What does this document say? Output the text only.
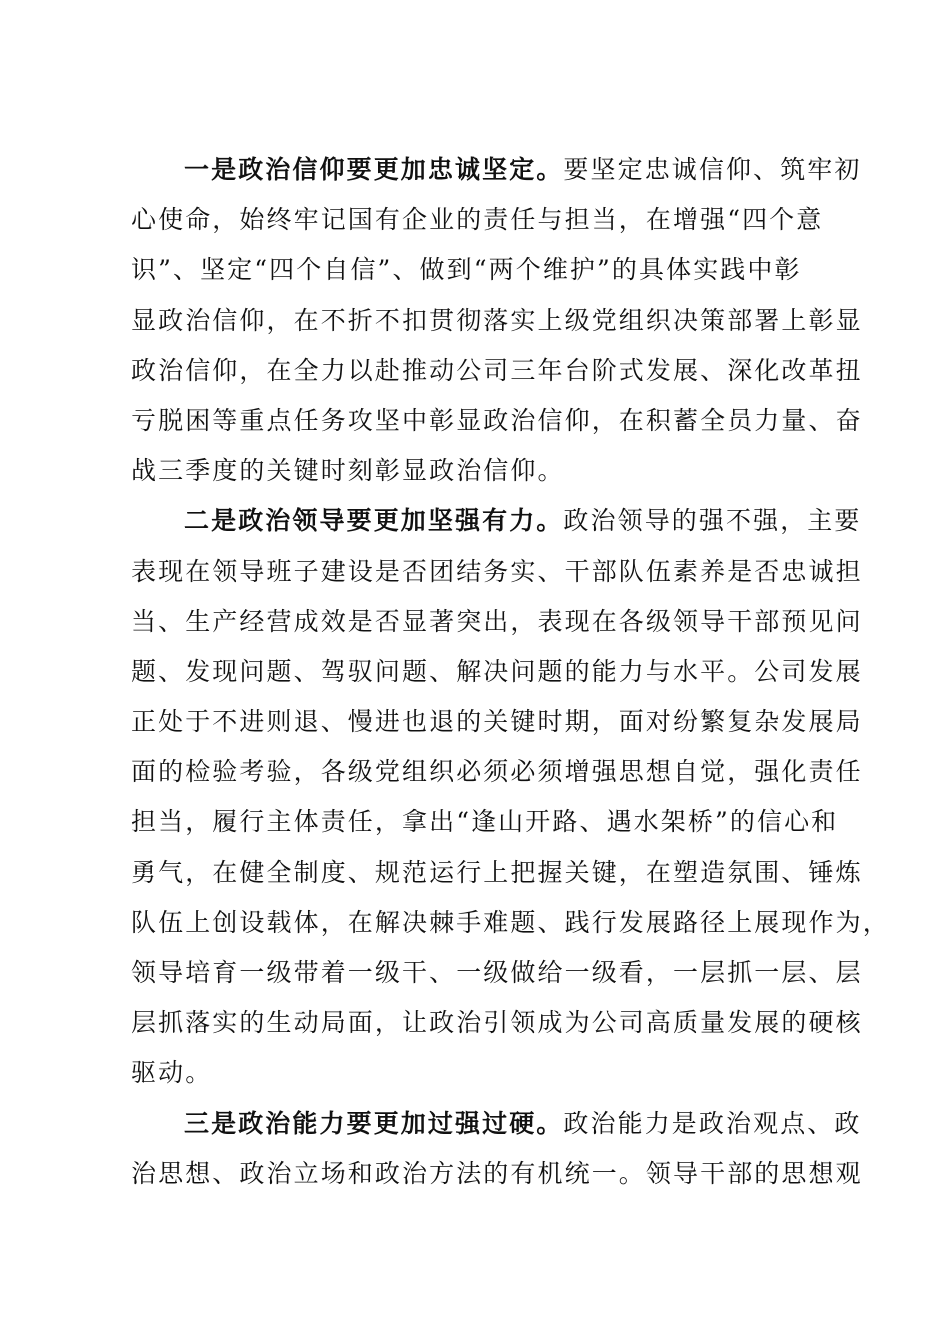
一是政治信仰要更加忠诚坚定。要坚定忠诚信仰、筑牢初
心使命，始终牢记国有企业的责任与担当，在增强“四个意
识”、坚定“四个自信”、做到“两个维护”的具体实践中彰
显政治信仰，在不折不扣贯彻落实上级党组织决策部署上彰显
政治信仰，在全力以赴推动公司三年台阶式发展、深化改革扭
亏脱困等重点任务攻坚中彰显政治信仰，在积蓄全员力量、奋
战三季度的关键时刻彰显政治信仰。
二是政治领导要更加坚强有力。政治领导的强不强，主要
表现在领导班子建设是否团结务实、干部队伍素养是否忠诚担
当、生产经营成效是否显著突出，表现在各级领导干部预见问
题、发现问题、驾驭问题、解决问题的能力与水平。公司发展
正处于不进则退、慢进也退的关键时期，面对纷繁复杂发展局
面的检验考验，各级党组织必须必须增强思想自觉，强化责任
担当，履行主体责任，拿出“逢山开路、遇水架桥”的信心和
勇气，在健全制度、规范运行上把握关键，在塑造氛围、锤炼
队伍上创设载体，在解决棘手难题、践行发展路径上展现作为，
领导培育一级带着一级干、一级做给一级看，一层抓一层、层
层抓落实的生动局面，让政治引领成为公司高质量发展的硬核
驱动。
三是政治能力要更加过强过硬。政治能力是政治观点、政
治思想、政治立场和政治方法的有机统一。领导干部的思想观
